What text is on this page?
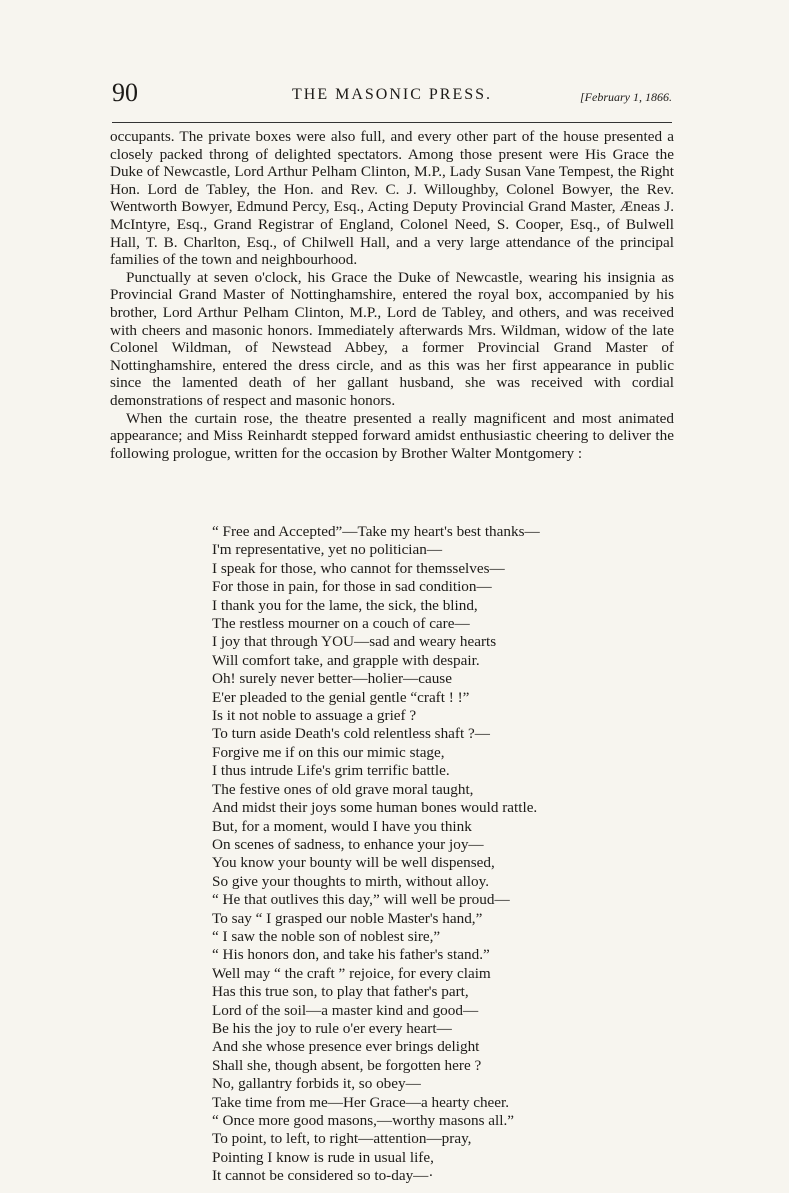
90	THE MASONIC PRESS.	[February 1, 1866.

occupants. The private boxes were also full, and every other part of the house presented a closely packed throng of delighted spectators. Among those present were His Grace the Duke of Newcastle, Lord Arthur Pelham Clinton, M.P., Lady Susan Vane Tempest, the Right Hon. Lord de Tabley, the Hon. and Rev. C. J. Willoughby, Colonel Bowyer, the Rev. Wentworth Bowyer, Edmund Percy, Esq., Acting Deputy Provincial Grand Master, Æneas J. McIntyre, Esq., Grand Registrar of England, Colonel Need, S. Cooper, Esq., of Bulwell Hall, T. B. Charlton, Esq., of Chilwell Hall, and a very large attendance of the principal families of the town and neighbourhood.

Punctually at seven o'clock, his Grace the Duke of Newcastle, wearing his insignia as Provincial Grand Master of Nottinghamshire, entered the royal box, accompanied by his brother, Lord Arthur Pelham Clinton, M.P., Lord de Tabley, and others, and was received with cheers and masonic honors. Immediately afterwards Mrs. Wildman, widow of the late Colonel Wildman, of Newstead Abbey, a former Provincial Grand Master of Nottinghamshire, entered the dress circle, and as this was her first appearance in public since the lamented death of her gallant husband, she was received with cordial demonstrations of respect and masonic honors.

When the curtain rose, the theatre presented a really magnificent and most animated appearance; and Miss Reinhardt stepped forward amidst enthusiastic cheering to deliver the following prologue, written for the occasion by Brother Walter Montgomery :

“ Free and Accepted”—Take my heart's best thanks—
I'm representative, yet no politician—
I speak for those, who cannot for themsselves—
For those in pain, for those in sad condition—
I thank you for the lame, the sick, the blind,
The restless mourner on a couch of care—
I joy that through YOU—sad and weary hearts
Will comfort take, and grapple with despair.
Oh! surely never better—holier—cause
E'er pleaded to the genial gentle “craft ! !”
Is it not noble to assuage a grief ?
To turn aside Death's cold relentless shaft ?—
Forgive me if on this our mimic stage,
I thus intrude Life's grim terrific battle.
The festive ones of old grave moral taught,
And midst their joys some human bones would rattle.
But, for a moment, would I have you think
On scenes of sadness, to enhance your joy—
You know your bounty will be well dispensed,
So give your thoughts to mirth, without alloy.
“ He that outlives this day,” will well be proud—
To say “ I grasped our noble Master's hand,”
“ I saw the noble son of noblest sire,”
“ His honors don, and take his father's stand.”
Well may “ the craft ” rejoice, for every claim
Has this true son, to play that father's part,
Lord of the soil—a master kind and good—
Be his the joy to rule o'er every heart—
And she whose presence ever brings delight
Shall she, though absent, be forgotten here ?
No, gallantry forbids it, so obey—
Take time from me—Her Grace—a hearty cheer.
“ Once more good masons,—worthy masons all.”
To point, to left, to right—attention—pray,
Pointing I know is rude in usual life,
It cannot be considered so to-day—·
